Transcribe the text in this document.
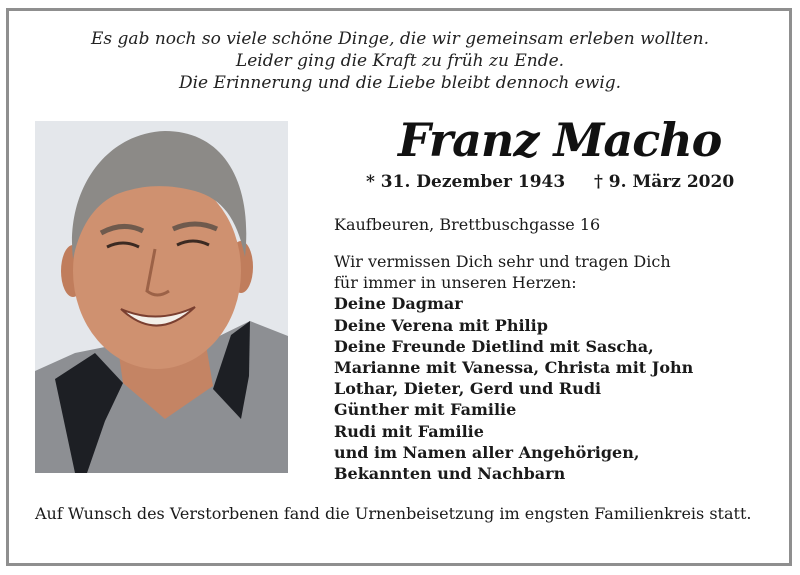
Es gab noch so viele schöne Dinge, die wir gemeinsam erleben wollten.
Leider ging die Kraft zu früh zu Ende.
Die Erinnerung und die Liebe bleibt dennoch ewig.
Franz Macho
* 31. Dezember 1943 † 9. März 2020
Kaufbeuren, Brettbuschgasse 16
Wir vermissen Dich sehr und tragen Dich
für immer in unseren Herzen:
Deine Dagmar
Deine Verena mit Philip
Deine Freunde Dietlind mit Sascha,
Marianne mit Vanessa, Christa mit John
Lothar, Dieter, Gerd und Rudi
Günther mit Familie
Rudi mit Familie
und im Namen aller Angehörigen,
Bekannten und Nachbarn
Auf Wunsch des Verstorbenen fand die Urnenbeisetzung im engsten Familienkreis statt.
